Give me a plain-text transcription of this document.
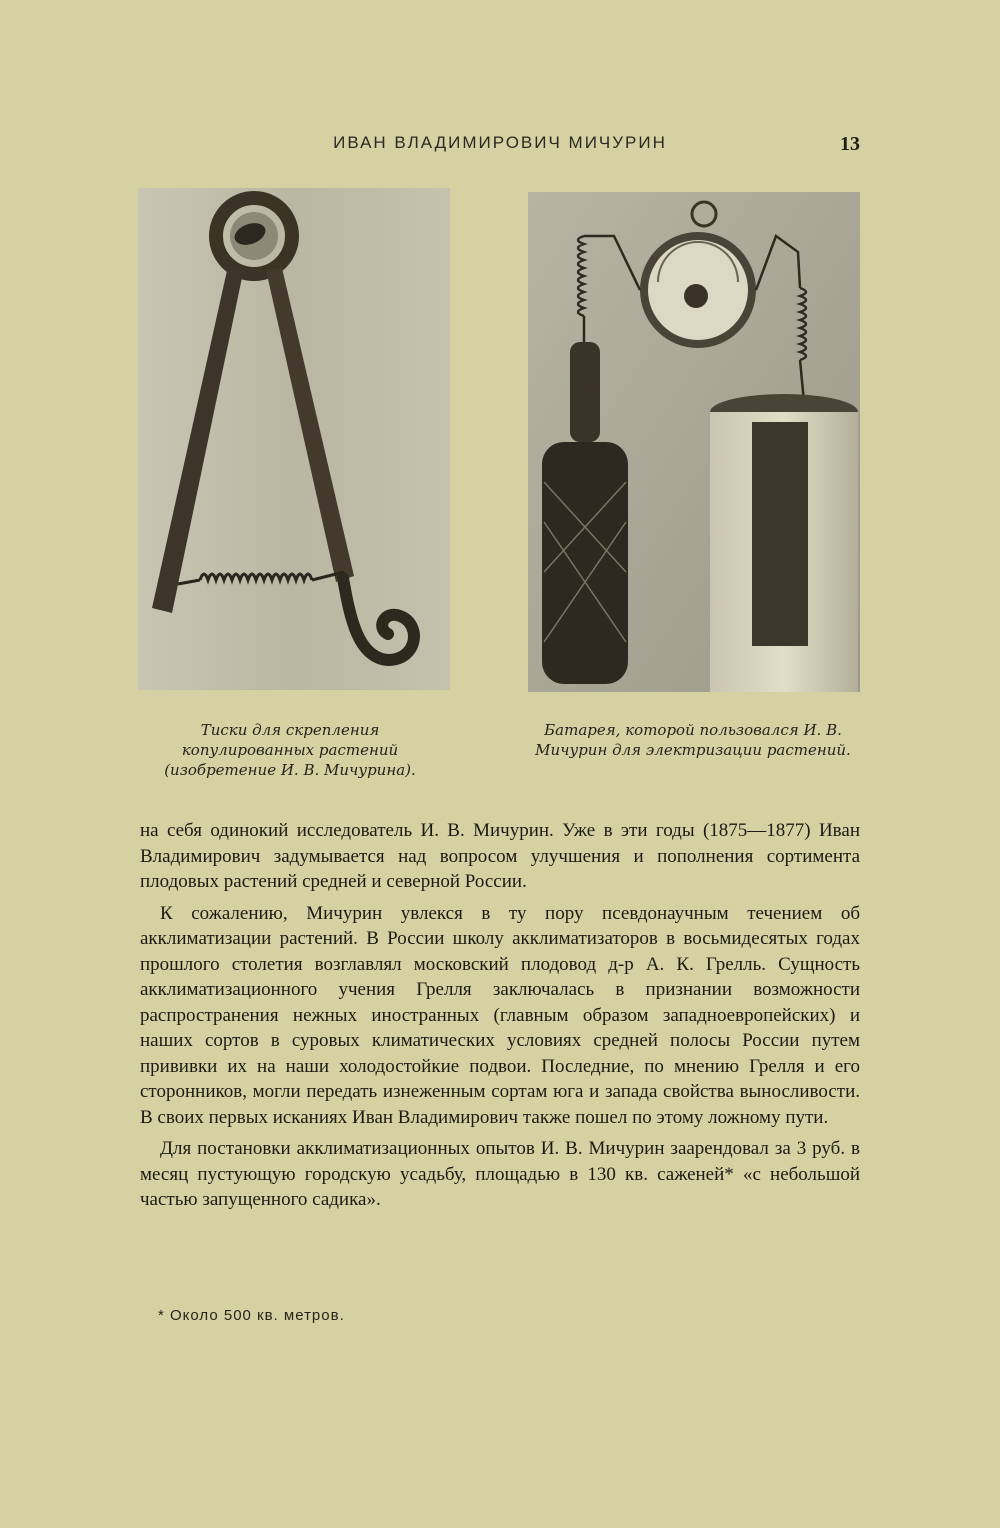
ИВАН ВЛАДИМИРОВИЧ МИЧУРИН	13
Тиски для скрепления копулированных растений (изобретение И. В. Мичурина).
Батарея, которой пользовался И. В. Мичурин для электризации растений.

на себя одинокий исследователь И. В. Мичурин. Уже в эти годы (1875—1877) Иван Владимирович задумывается над вопросом улучшения и пополнения сортимента плодовых растений средней и северной России.

К сожалению, Мичурин увлекся в ту пору псевдонаучным течением об акклиматизации растений. В России школу акклиматизаторов в восьмидесятых годах прошлого столетия возглавлял московский плодовод д-р А. К. Грелль. Сущность акклиматизационного учения Грелля заключалась в признании возможности распространения нежных иностранных (главным образом западноевропейских) и наших сортов в суровых климатических условиях средней полосы России путем прививки их на наши холодостойкие подвои. Последние, по мнению Грелля и его сторонников, могли передать изнеженным сортам юга и запада свойства выносливости. В своих первых исканиях Иван Владимирович также пошел по этому ложному пути.

Для постановки акклиматизационных опытов И. В. Мичурин заарендовал за 3 руб. в месяц пустующую городскую усадьбу, площадью в 130 кв. саженей* «с небольшой частью запущенного садика».

* Около 500 кв. метров.
